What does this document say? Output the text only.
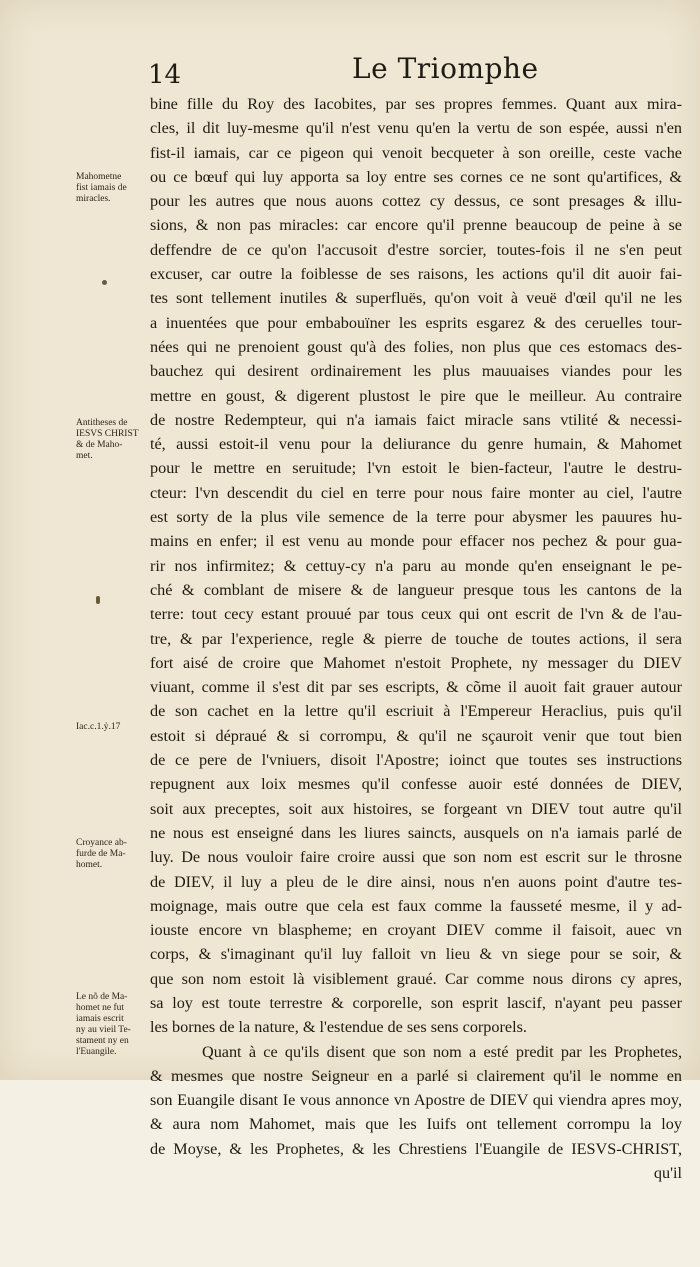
14	Le Triomphe
Mahometne
fist iamais de
miracles.
Antitheses de
IESVS CHRIST
& de Maho-
met.
Iac.c.1.ỷ.17
Croyance ab-
furde de Ma-
homet.
Le nõ de Ma-
homet ne fut
iamais escrit
ny au vieil Te-
stament ny en
l'Euangile.
bine fille du Roy des Iacobites, par ses propres femmes. Quant aux mira-
cles, il dit luy-mesme qu'il n'est venu qu'en la vertu de son espée, aussi n'en
fist-il iamais, car ce pigeon qui venoit becqueter à son oreille, ceste vache
ou ce bœuf qui luy apporta sa loy entre ses cornes ce ne sont qu'artifices, &
pour les autres que nous auons cottez cy dessus, ce sont presages & illu-
sions, & non pas miracles: car encore qu'il prenne beaucoup de peine à se
deffendre de ce qu'on l'accusoit d'estre sorcier, toutes-fois il ne s'en peut
excuser, car outre la foiblesse de ses raisons, les actions qu'il dit auoir fai-
tes sont tellement inutiles & superfluës, qu'on voit à veuë d'œil qu'il ne les
a inuentées que pour embabouïner les esprits esgarez & des ceruelles tour-
nées qui ne prenoient goust qu'à des folies, non plus que ces estomacs des-
bauchez qui desirent ordinairement les plus mauuaises viandes pour les
mettre en goust, & digerent plustost le pire que le meilleur. Au contraire
de nostre Redempteur, qui n'a iamais faict miracle sans vtilité & necessi-
té, aussi estoit-il venu pour la deliurance du genre humain, & Mahomet
pour le mettre en seruitude; l'vn estoit le bien-facteur, l'autre le destru-
cteur: l'vn descendit du ciel en terre pour nous faire monter au ciel, l'autre
est sorty de la plus vile semence de la terre pour abysmer les pauures hu-
mains en enfer; il est venu au monde pour effacer nos pechez & pour gua-
rir nos infirmitez; & cettuy-cy n'a paru au monde qu'en enseignant le pe-
ché & comblant de misere & de langueur presque tous les cantons de la
terre: tout cecy estant prouué par tous ceux qui ont escrit de l'vn & de l'au-
tre, & par l'experience, regle & pierre de touche de toutes actions, il sera
fort aisé de croire que Mahomet n'estoit Prophete, ny messager du DIEV
viuant, comme il s'est dit par ses escripts, & cõme il auoit fait grauer autour
de son cachet en la lettre qu'il escriuit à l'Empereur Heraclius, puis qu'il
estoit si dépraué & si corrompu, & qu'il ne sçauroit venir que tout bien
de ce pere de l'vniuers, disoit l'Apostre; ioinct que toutes ses instructions
repugnent aux loix mesmes qu'il confesse auoir esté données de DIEV,
soit aux preceptes, soit aux histoires, se forgeant vn DIEV tout autre qu'il
ne nous est enseigné dans les liures saincts, ausquels on n'a iamais parlé de
luy. De nous vouloir faire croire aussi que son nom est escrit sur le throsne
de DIEV, il luy a pleu de le dire ainsi, nous n'en auons point d'autre tes-
moignage, mais outre que cela est faux comme la fausseté mesme, il y ad-
iouste encore vn blaspheme; en croyant DIEV comme il faisoit, auec vn
corps, & s'imaginant qu'il luy falloit vn lieu & vn siege pour se soir, &
que son nom estoit là visiblement graué. Car comme nous dirons cy apres,
sa loy est toute terrestre & corporelle, son esprit lascif, n'ayant peu passer
les bornes de la nature, & l'estendue de ses sens corporels.
Quant à ce qu'ils disent que son nom a esté predit par les Prophetes,
& mesmes que nostre Seigneur en a parlé si clairement qu'il le nomme en
son Euangile disant Ie vous annonce vn Apostre de DIEV qui viendra apres moy,
& aura nom Mahomet, mais que les Iuifs ont tellement corrompu la loy
de Moyse, & les Prophetes, & les Chrestiens l'Euangile de IESVS-CHRIST,
qu'il
